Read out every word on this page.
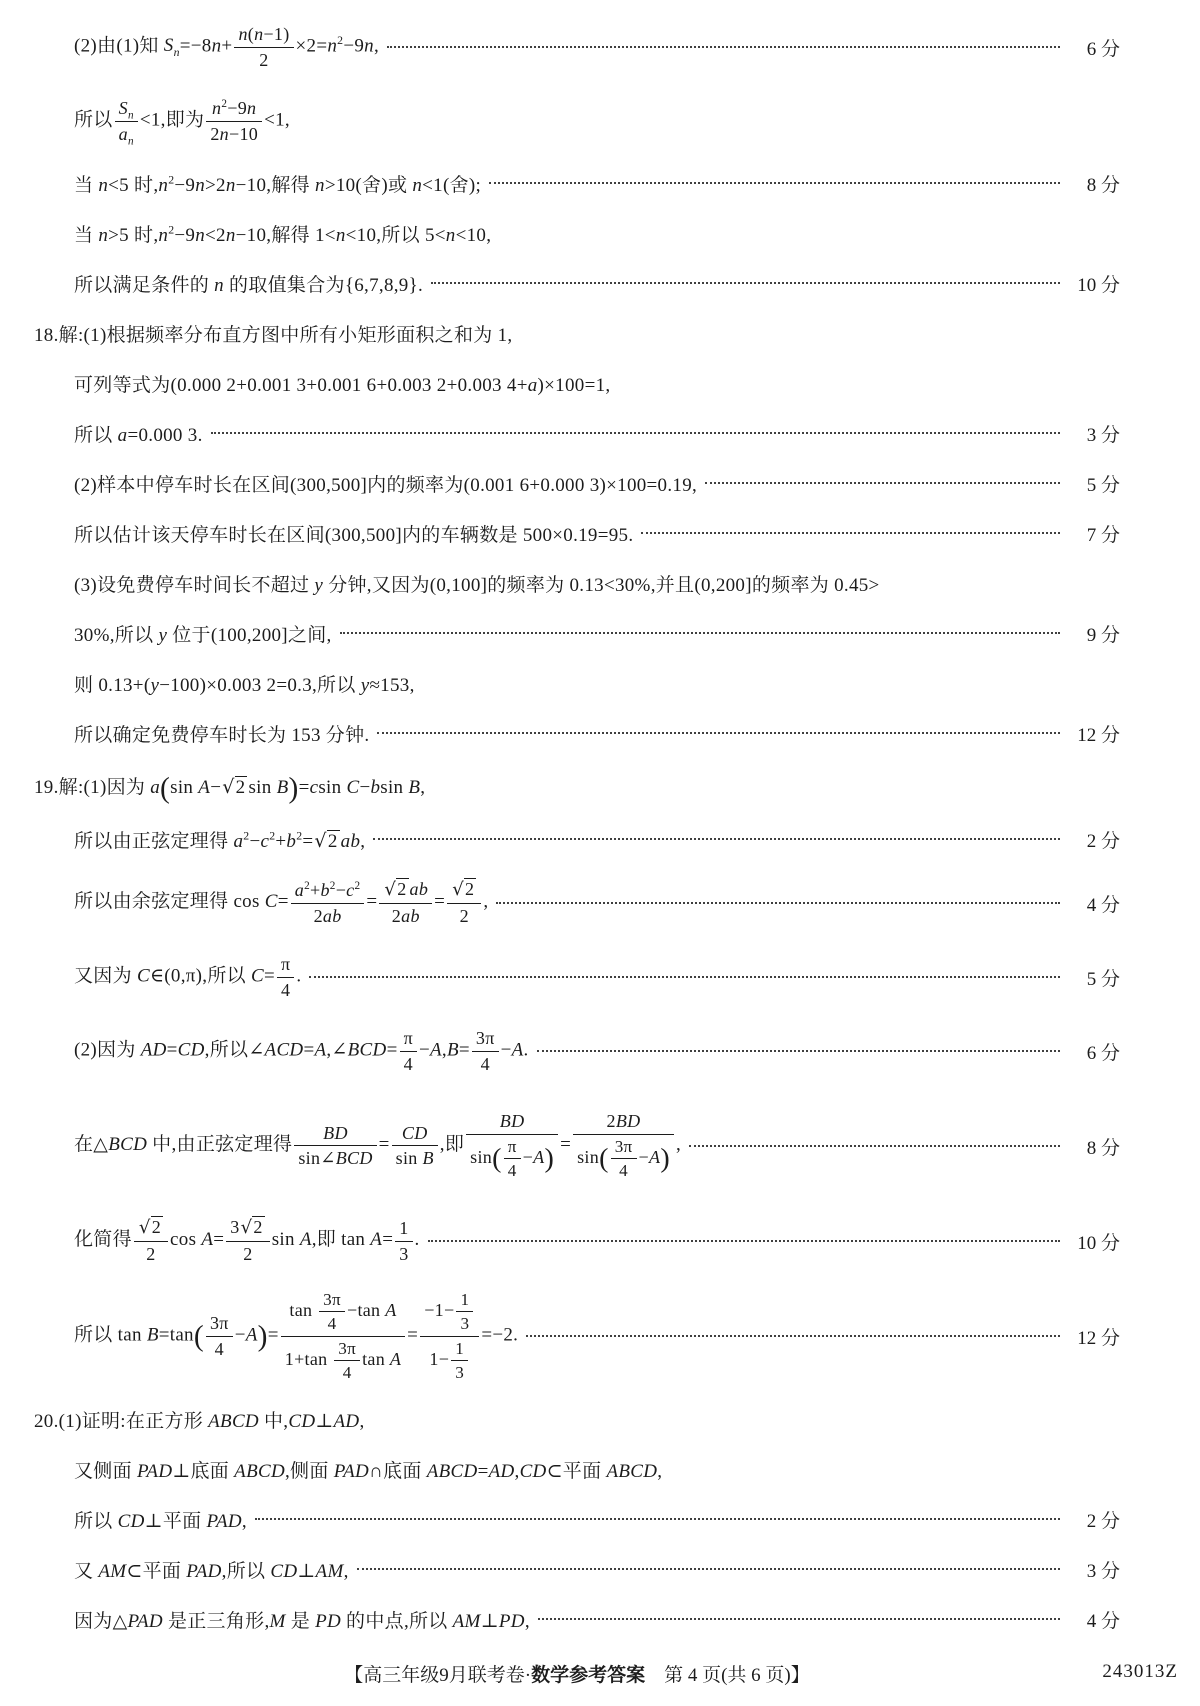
(2)由(1)知 $S_n=-8n+ \frac{n(n-1)}{2} \times 2=n^2-9n$,	6 分
所以 $\frac{S_n}{a_n} <1$,即为 $\frac{n^2-9n}{2n-10} <1$,
当 n<5 时$,n^2-9n>2n-10$,解得 n>10(舍)或 n<1(舍);	8 分
当 n>5 时$,n^2-9n<2n-10$,解得 1<n<10,所以 5<n<10,
所以满足条件的 n 的取值集合为{6,7,8,9}.	10 分
18.解:(1)根据频率分布直方图中所有小矩形面积之和为 1,
可列等式为(0.000 2+0.001 3+0.001 6+0.003 2+0.003 4+a)×100=1,
所以 a=0.000 3.	3 分
(2)样本中停车时长在区间(300,500]内的频率为(0.001 6+0.000 3)×100=0.19,	5 分
所以估计该天停车时长在区间(300,500]内的车辆数是 500×0.19=95.	7 分
(3)设免费停车时间长不超过 y 分钟,又因为(0,100]的频率为 0.13<30%,并且(0,200]的频率为 0.45>
30%,所以 y 位于(100,200]之间,	9 分
则 0.13+(y−100)×0.003 2=0.3,所以 y≈153,
所以确定免费停车时长为 153 分钟.	12 分
19.解:(1)因为 a(sin A− √ 2 sin B)=csin C−bsin B,
所以由正弦定理得 $a^2-c^2+b^2=$ √ 2 ab,	2 分
所以由余弦定理得 $\cos C= \frac{a^2+b^2-c^2}{2ab}$ = √ $\frac{2 ab}{2ab}$ = √ $\frac{2}{2}$ ,	4 分
又因为 C∈(0,π),所以 $C= \frac{\pi}{4}$ .	5 分
(2)因为 AD=CD,所以∠ACD=A,∠BCD= $\frac{\pi}{4} -A,B= \frac{3\pi}{4} -A$.	6 分
在△BCD 中,由正弦定理得
BD
sin∠BCD
= $\frac{CD}{\text{sin B}}$ ,即 $\frac{BD}{\sin( \frac{\pi}{4} -A)} = \frac{2BD}{\sin( \frac{3\pi}{4} -A)}$ ,	8 分
化简得 √ $\frac{2}{2}$ $\cos A= \frac{3 √ 2}{2}$ sin A,即 $\tan A= \frac{1}{3}$ .	10 分
所以 $\tan B=\tan( \frac{3\pi}{4} -A)= \frac{\tan \frac{3\pi}{4} -\tan A}{1+\tan \frac{3\pi}{4} \tan A} = \frac{-1- \frac{1}{3}}{1- \frac{1}{3}} =-2$.	12 分
20.(1)证明:在正方形 ABCD 中,CD⊥AD,
又侧面 PAD⊥底面 ABCD,侧面 PAD∩底面 ABCD=AD,CD⊂平面 ABCD,
所以 CD⊥平面 PAD,	2 分
又 AM⊂平面 PAD,所以 CD⊥AM,	3 分
因为△PAD 是正三角形,M 是 PD 的中点,所以 AM⊥PD,	4 分
【高三年级9月联考卷·数学参考答案　第 4 页(共 6 页)】	243013Z
